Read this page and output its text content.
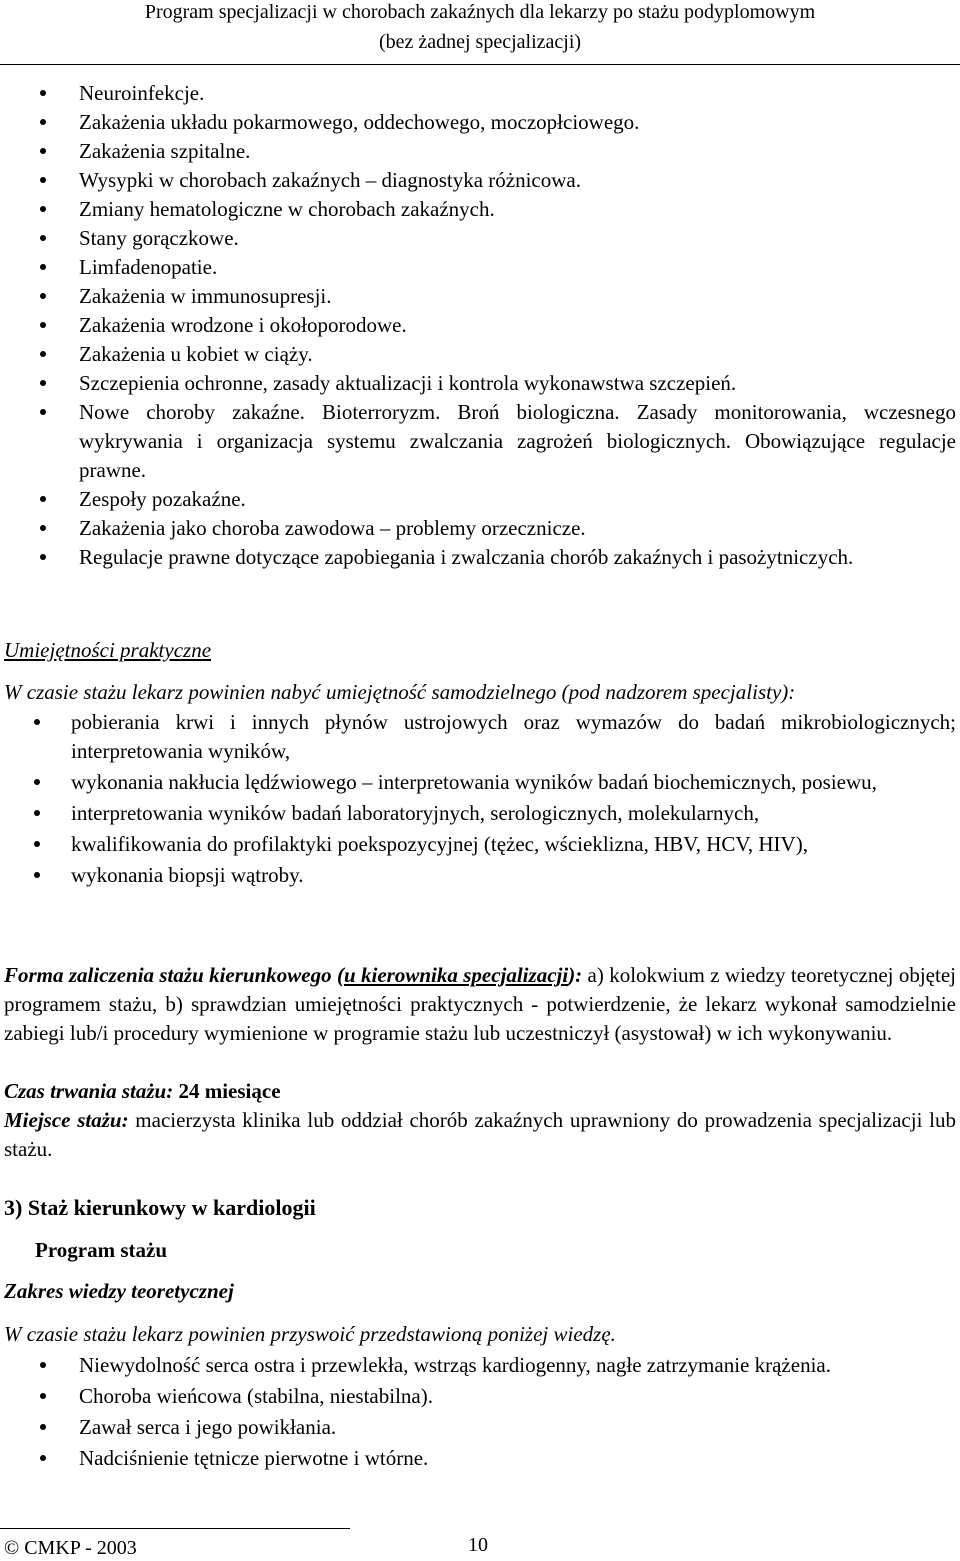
Program specjalizacji w chorobach zakaźnych dla lekarzy po stażu podyplomowym
(bez żadnej specjalizacji)
Neuroinfekcje.
Zakażenia układu pokarmowego, oddechowego, moczopłciowego.
Zakażenia szpitalne.
Wysypki w chorobach zakaźnych – diagnostyka różnicowa.
Zmiany hematologiczne w chorobach zakaźnych.
Stany gorączkowe.
Limfadenopatie.
Zakażenia w immunosupresji.
Zakażenia wrodzone i okołoporodowe.
Zakażenia u kobiet w ciąży.
Szczepienia ochronne, zasady aktualizacji i kontrola wykonawstwa szczepień.
Nowe choroby zakaźne. Bioterroryzm. Broń biologiczna. Zasady monitorowania, wczesnego wykrywania i organizacja systemu zwalczania zagrożeń biologicznych. Obowiązujące regulacje prawne.
Zespoły pozakaźne.
Zakażenia jako choroba zawodowa – problemy orzecznicze.
Regulacje prawne dotyczące zapobiegania i zwalczania chorób zakaźnych i pasożytniczych.
Umiejętności praktyczne
W czasie stażu lekarz powinien nabyć umiejętność samodzielnego (pod nadzorem specjalisty):
pobierania krwi i innych płynów ustrojowych oraz wymazów do badań mikrobiologicznych; interpretowania wyników,
wykonania nakłucia lędźwiowego – interpretowania wyników badań biochemicznych, posiewu,
interpretowania wyników badań laboratoryjnych, serologicznych, molekularnych,
kwalifikowania do profilaktyki poekspozycyjnej (tężec, wścieklizna, HBV, HCV, HIV),
wykonania biopsji wątroby.
Forma zaliczenia stażu kierunkowego (u kierownika specjalizacji): a) kolokwium z wiedzy teoretycznej objętej programem stażu, b) sprawdzian umiejętności praktycznych - potwierdzenie, że lekarz wykonał samodzielnie zabiegi lub/i procedury wymienione w programie stażu lub uczestniczył (asystował) w ich wykonywaniu.
Czas trwania stażu: 24 miesiące
Miejsce stażu: macierzysta klinika lub oddział chorób zakaźnych uprawniony do prowadzenia specjalizacji lub stażu.
3) Staż kierunkowy w kardiologii
Program stażu
Zakres wiedzy teoretycznej
W czasie stażu lekarz powinien przyswoić przedstawioną poniżej wiedzę.
Niewydolność serca ostra i przewlekła, wstrząs kardiogenny, nagłe zatrzymanie krążenia.
Choroba wieńcowa (stabilna, niestabilna).
Zawał serca i jego powikłania.
Nadciśnienie tętnicze pierwotne i wtórne.
© CMKP - 2003	10
